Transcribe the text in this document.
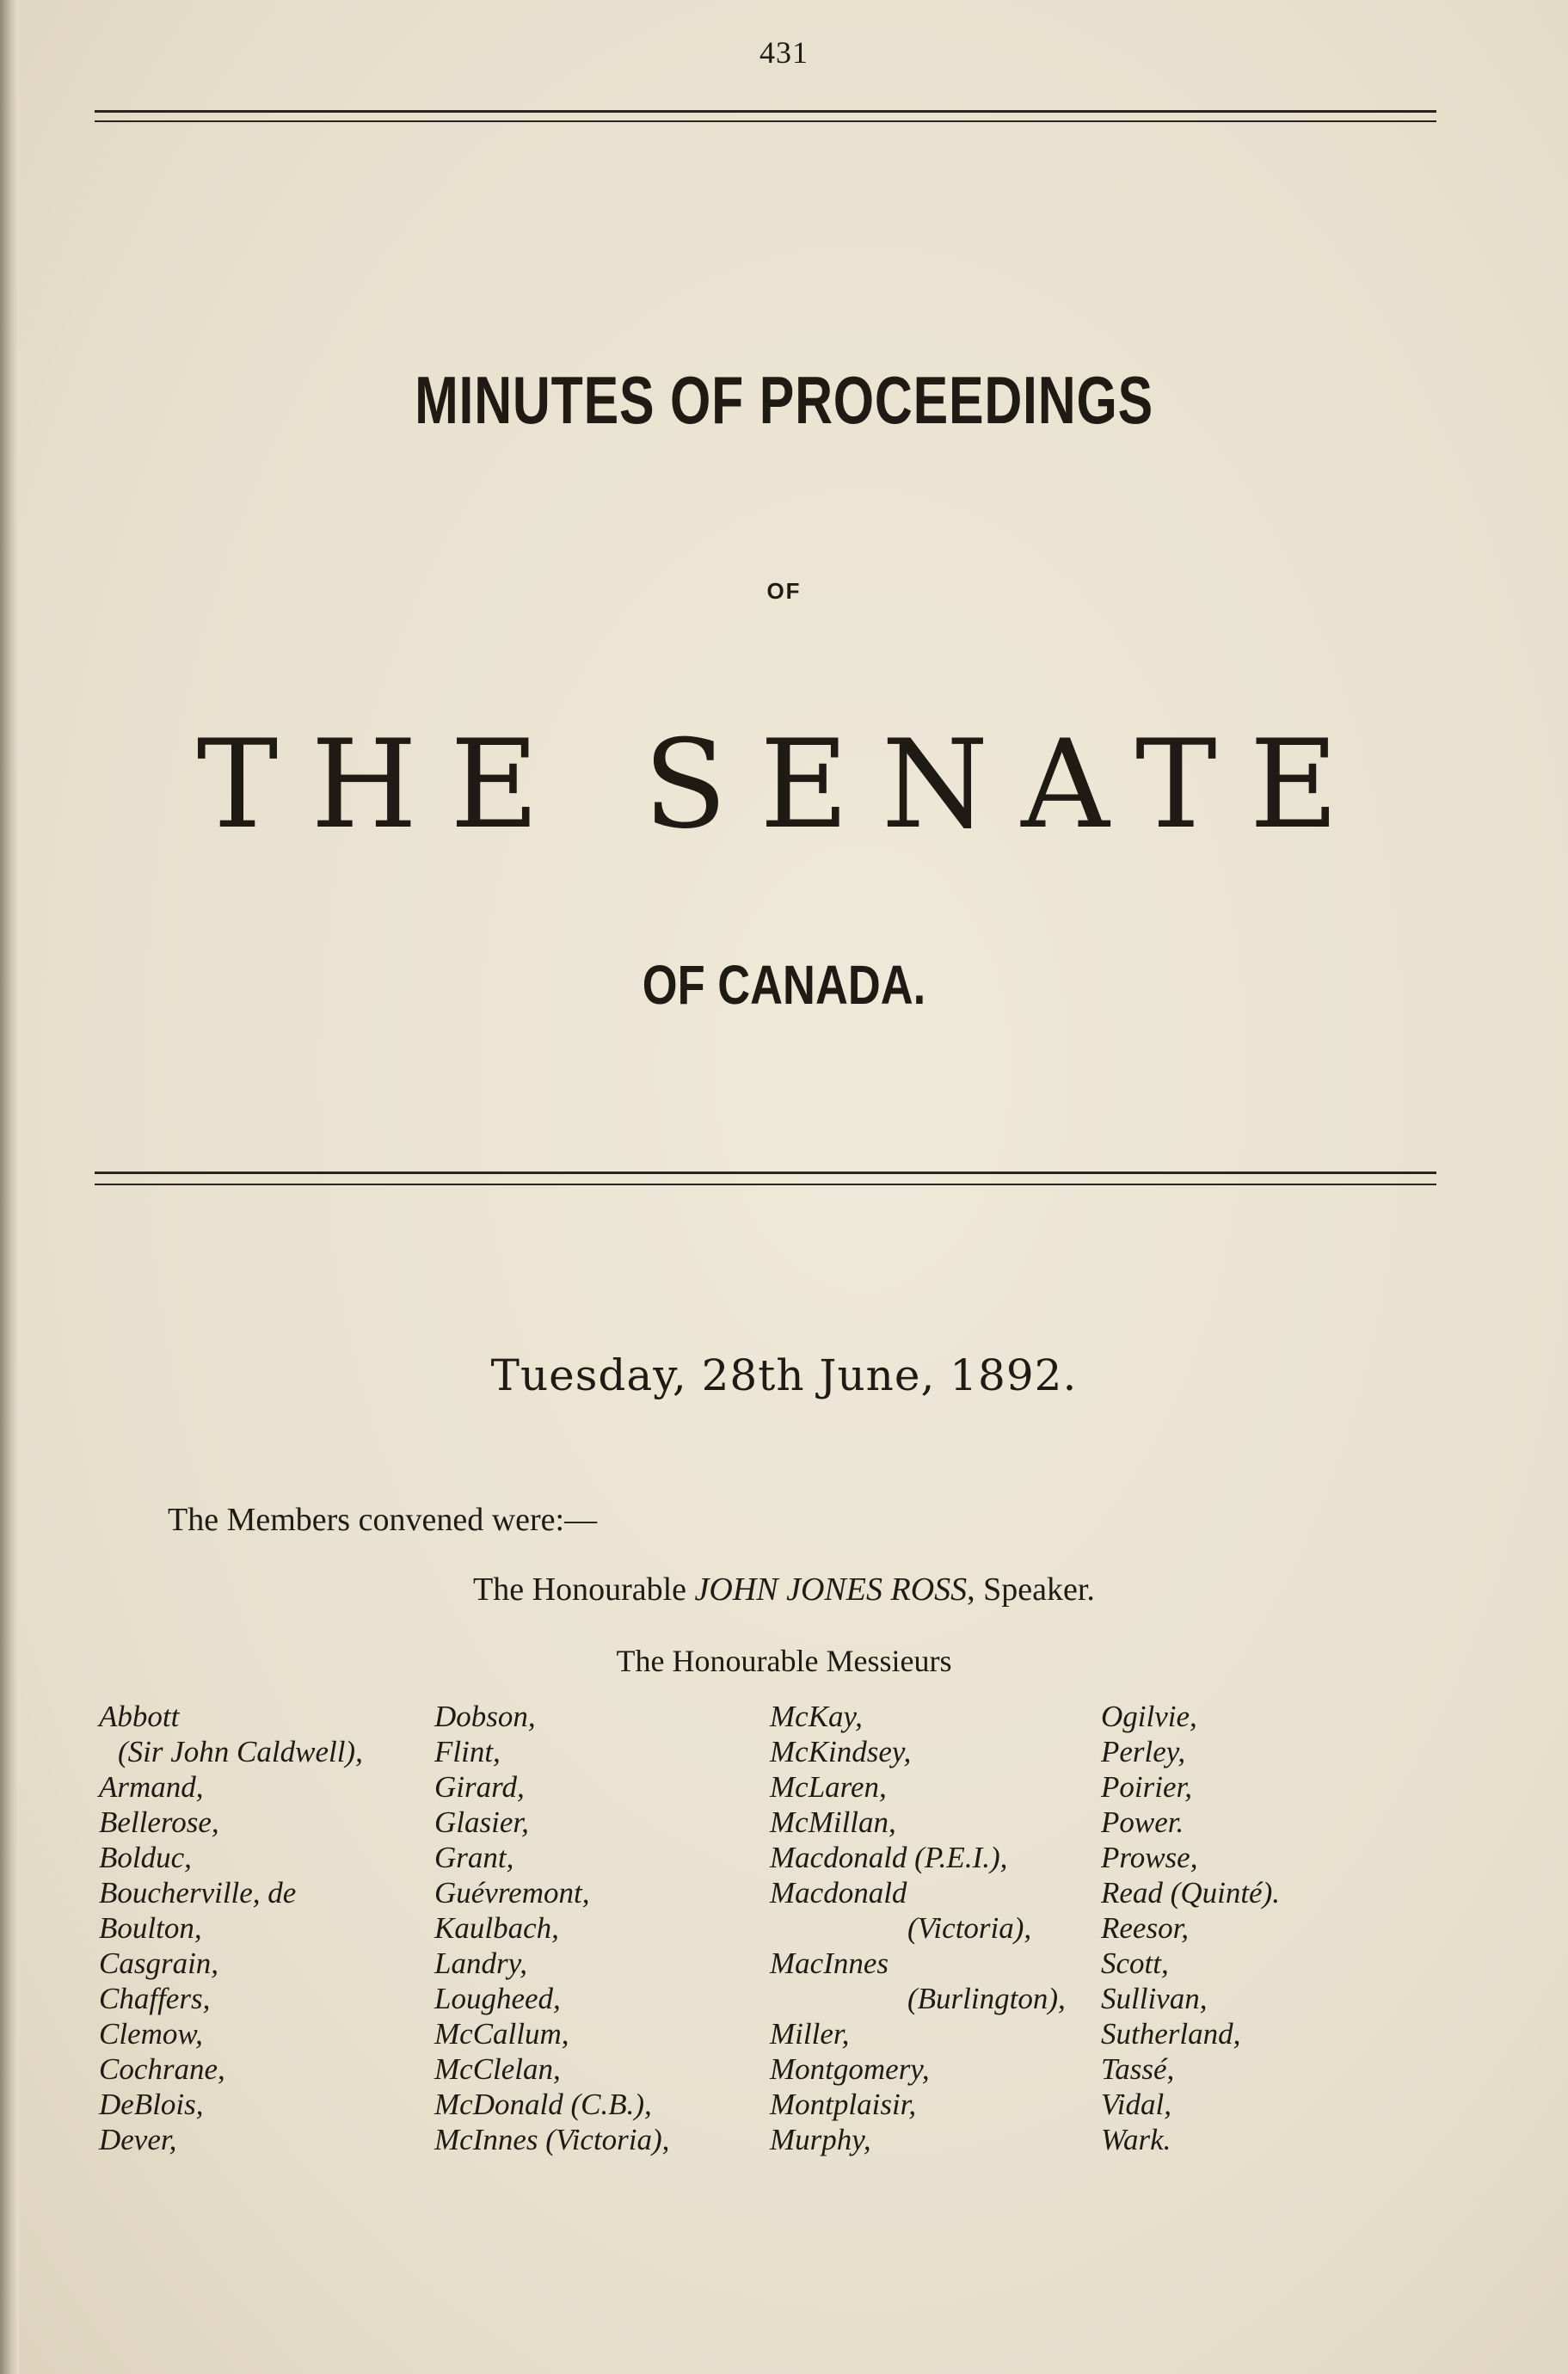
431
MINUTES OF PROCEEDINGS
OF
THE SENATE
OF CANADA.
Tuesday, 28th June, 1892.
The Members convened were:—
The Honourable JOHN JONES ROSS, Speaker.
The Honourable Messieurs
Abbott
(Sir John Caldwell),
Armand,
Bellerose,
Bolduc,
Boucherville, de
Boulton,
Casgrain,
Chaffers,
Clemow,
Cochrane,
DeBlois,
Dever,
Dobson,
Flint,
Girard,
Glasier,
Grant,
Guévremont,
Kaulbach,
Landry,
Lougheed,
McCallum,
McClelan,
McDonald (C.B.),
McInnes (Victoria),
McKay,
McKindsey,
McLaren,
McMillan,
Macdonald (P.E.I.),
Macdonald
(Victoria),
MacInnes
(Burlington),
Miller,
Montgomery,
Montplaisir,
Murphy,
Ogilvie,
Perley,
Poirier,
Power.
Prowse,
Read (Quinté).
Reesor,
Scott,
Sullivan,
Sutherland,
Tassé,
Vidal,
Wark.
